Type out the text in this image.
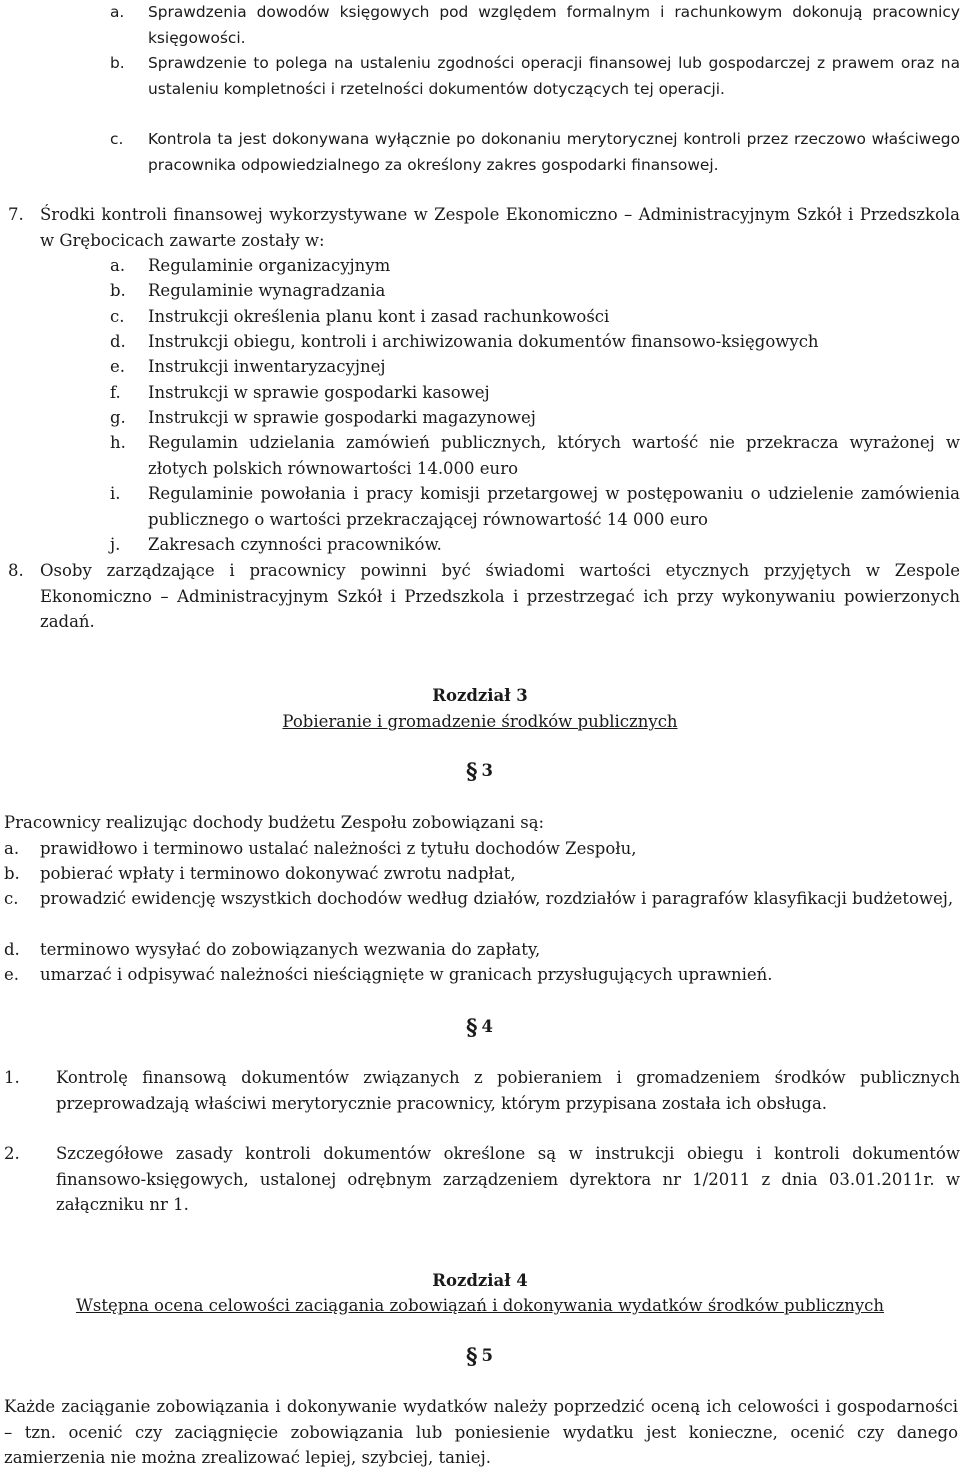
a.	Sprawdzenia dowodów księgowych pod względem formalnym i rachunkowym dokonują pracownicy księgowości.
b.	Sprawdzenie to polega na ustaleniu zgodności operacji finansowej lub gospodarczej z prawem oraz na ustaleniu kompletności i rzetelności dokumentów dotyczących tej operacji.
c.	Kontrola ta jest dokonywana wyłącznie po dokonaniu merytorycznej kontroli przez rzeczowo właściwego pracownika odpowiedzialnego za określony zakres gospodarki finansowej.
7. Środki kontroli finansowej wykorzystywane w Zespole Ekonomiczno – Administracyjnym Szkół i Przedszkola w Grębocicach zawarte zostały w:
a.	Regulaminie organizacyjnym
b.	Regulaminie wynagradzania
c.	Instrukcji określenia planu kont i zasad rachunkowości
d.	Instrukcji obiegu, kontroli i archiwizowania dokumentów finansowo-księgowych
e.	Instrukcji inwentaryzacyjnej
f.	Instrukcji w sprawie gospodarki kasowej
g.	Instrukcji w sprawie gospodarki magazynowej
h.	Regulamin udzielania zamówień publicznych, których wartość nie przekracza wyrażonej w złotych polskich równowartości 14.000 euro
i.	Regulaminie powołania i pracy komisji przetargowej w postępowaniu o udzielenie zamówienia publicznego o wartości przekraczającej równowartość 14 000 euro
j.	Zakresach czynności pracowników.
8. Osoby zarządzające i pracownicy powinni być świadomi wartości etycznych przyjętych w Zespole Ekonomiczno – Administracyjnym Szkół i Przedszkola i przestrzegać ich przy wykonywaniu powierzonych zadań.
Rozdział 3
Pobieranie i gromadzenie środków publicznych
§ 3
Pracownicy realizując dochody budżetu Zespołu zobowiązani są:
a.	prawidłowo i terminowo ustalać należności z tytułu dochodów Zespołu,
b.	pobierać wpłaty i terminowo dokonywać zwrotu nadpłat,
c.	prowadzić ewidencję wszystkich dochodów według działów, rozdziałów i paragrafów klasyfikacji budżetowej,
d.	terminowo wysyłać do zobowiązanych wezwania do zapłaty,
e.	umarzać i odpisywać należności nieściągnięte w granicach przysługujących uprawnień.
§ 4
1.	Kontrolę finansową dokumentów związanych z pobieraniem i gromadzeniem środków publicznych przeprowadzają właściwi merytorycznie pracownicy, którym przypisana została ich obsługa.
2.	Szczegółowe zasady kontroli dokumentów określone są w instrukcji obiegu i kontroli dokumentów finansowo-księgowych, ustalonej odrębnym zarządzeniem dyrektora nr 1/2011 z dnia 03.01.2011r. w załączniku nr 1.
Rozdział 4
Wstępna ocena celowości zaciągania zobowiązań i dokonywania wydatków środków publicznych
§ 5
Każde zaciąganie zobowiązania i dokonywanie wydatków należy poprzedzić oceną ich celowości i gospodarności – tzn. ocenić czy zaciągnięcie zobowiązania lub poniesienie wydatku jest konieczne, ocenić czy danego zamierzenia nie można zrealizować lepiej, szybciej, taniej.
